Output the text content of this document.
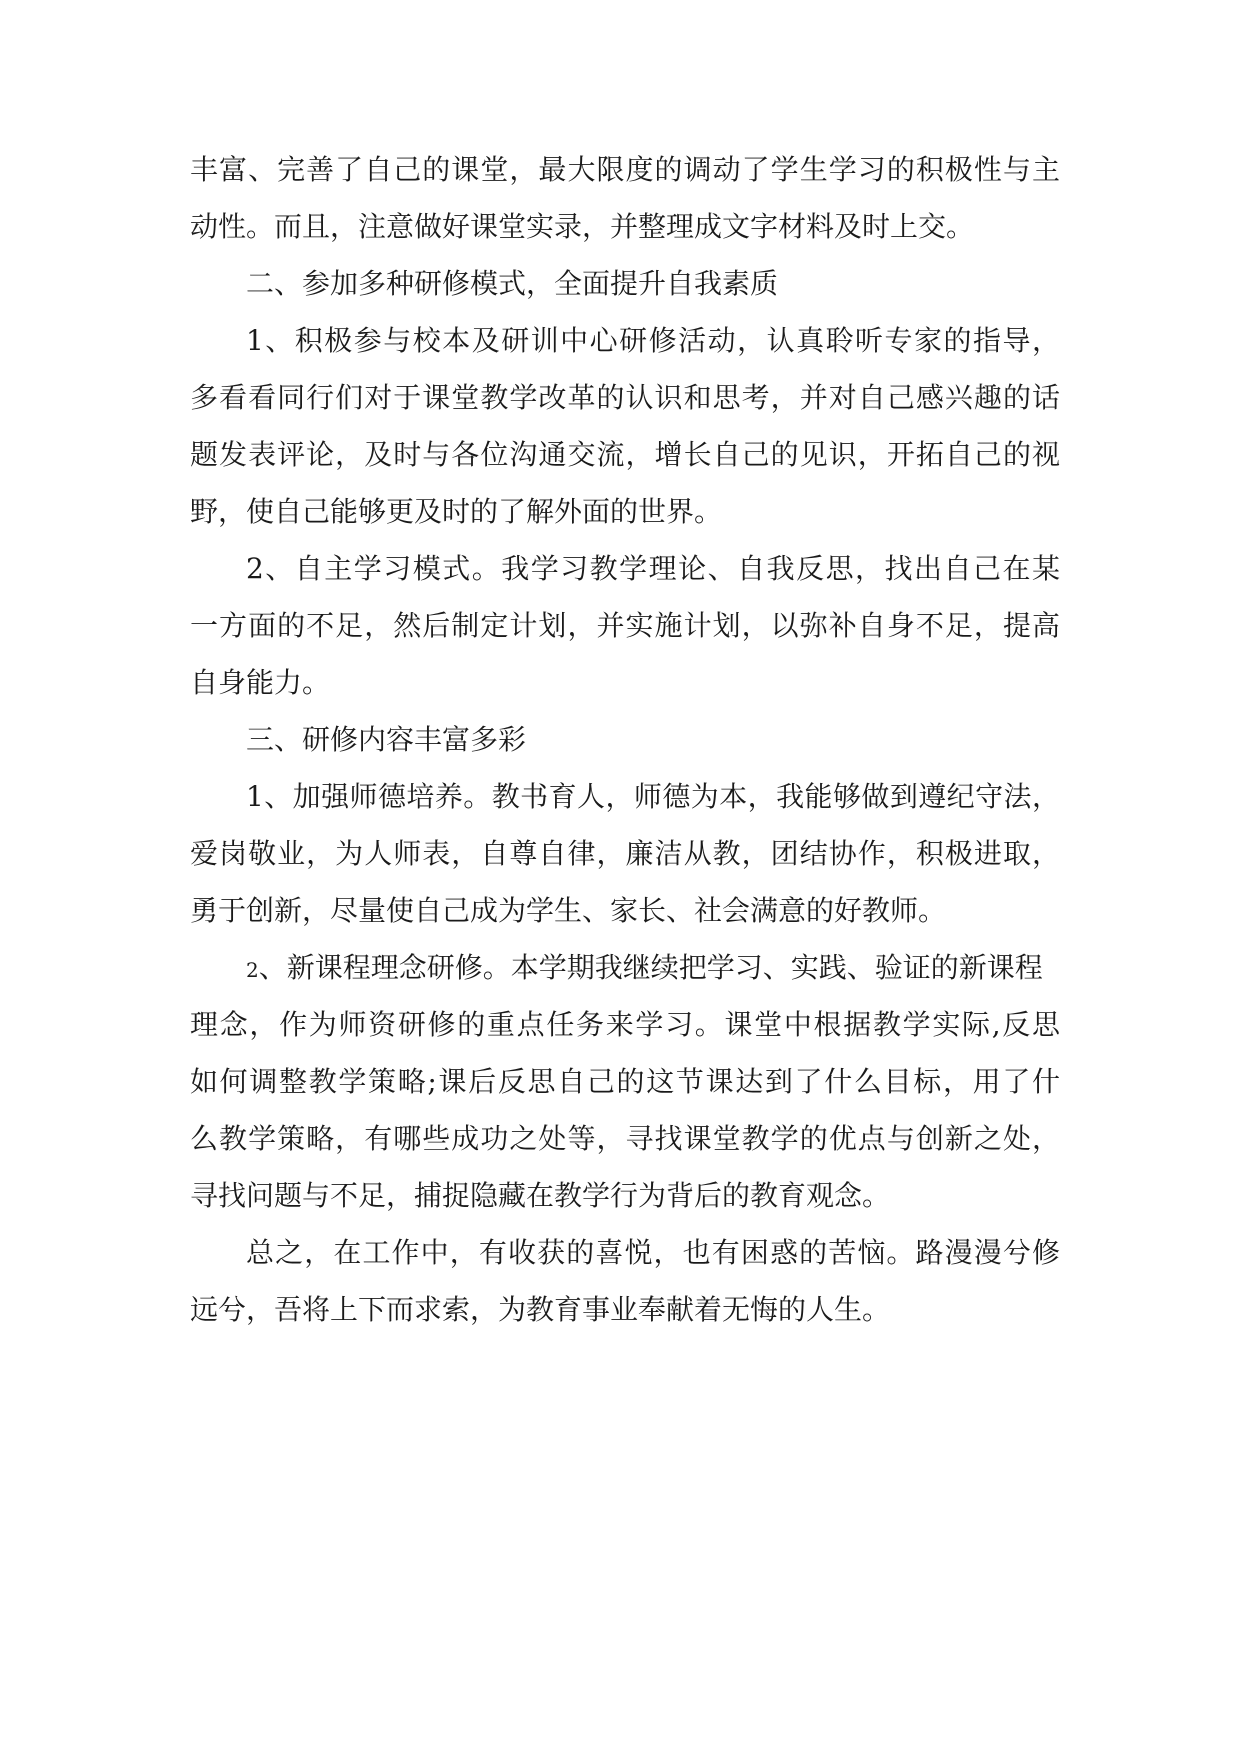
丰富、完善了自己的课堂，最大限度的调动了学生学习的积极性与主

动性。而且，注意做好课堂实录，并整理成文字材料及时上交。

二、参加多种研修模式，全面提升自我素质

1、积极参与校本及研训中心研修活动，认真聆听专家的指导，

多看看同行们对于课堂教学改革的认识和思考，并对自己感兴趣的话

题发表评论，及时与各位沟通交流，增长自己的见识，开拓自己的视

野，使自己能够更及时的了解外面的世界。

2、自主学习模式。我学习教学理论、自我反思，找出自己在某

一方面的不足，然后制定计划，并实施计划，以弥补自身不足，提高

自身能力。

三、研修内容丰富多彩

1、加强师德培养。教书育人，师德为本，我能够做到遵纪守法，

爱岗敬业，为人师表，自尊自律，廉洁从教，团结协作，积极进取，

勇于创新，尽量使自己成为学生、家长、社会满意的好教师。

2、新课程理念研修。本学期我继续把学习、实践、验证的新课程

理念，作为师资研修的重点任务来学习。课堂中根据教学实际,反思

如何调整教学策略;课后反思自己的这节课达到了什么目标，用了什

么教学策略，有哪些成功之处等，寻找课堂教学的优点与创新之处，

寻找问题与不足，捕捉隐藏在教学行为背后的教育观念。

总之，在工作中，有收获的喜悦，也有困惑的苦恼。路漫漫兮修

远兮，吾将上下而求索，为教育事业奉献着无悔的人生。
